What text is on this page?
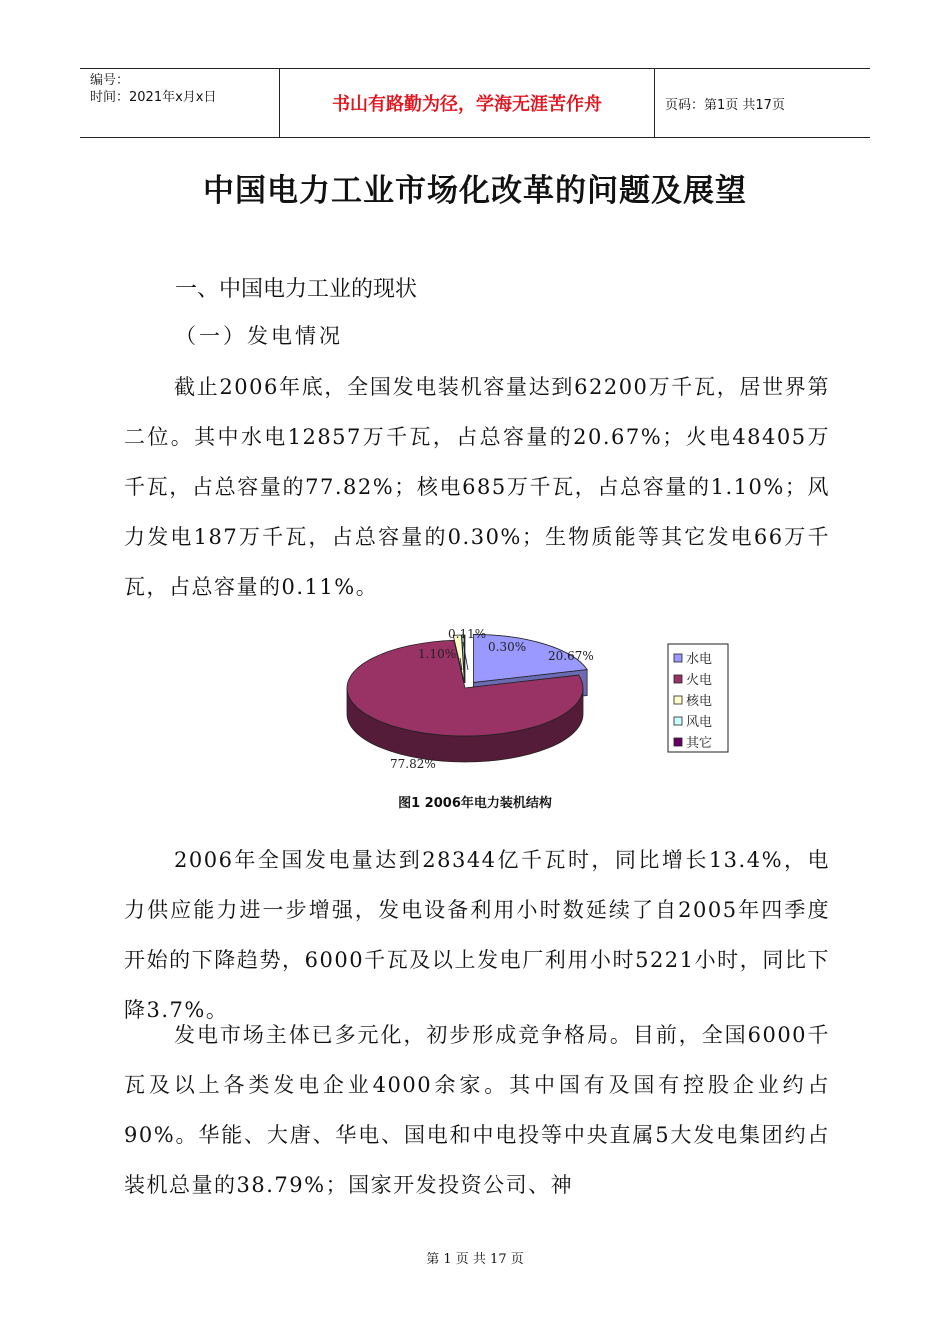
编号：
时间：2021年x月x日	书山有路勤为径，学海无涯苦作舟	页码：第1页 共17页
中国电力工业市场化改革的问题及展望
一、中国电力工业的现状
（一）发电情况

截止2006年底，全国发电装机容量达到62200万千瓦，居世界第二位。其中水电12857万千瓦，占总容量的20.67%；火电48405万千瓦，占总容量的77.82%；核电685万千瓦，占总容量的1.10%；风力发电187万千瓦，占总容量的0.30%；生物质能等其它发电66万千瓦，占总容量的0.11%。

20.67%
77.82%
1.10%	0.30%
0.11%
水电
火电
核电
风电
其它
图1 2006年电力装机结构

2006年全国发电量达到28344亿千瓦时，同比增长13.4%，电力供应能力进一步增强，发电设备利用小时数延续了自2005年四季度开始的下降趋势，6000千瓦及以上发电厂利用小时5221小时，同比下降3.7%。

发电市场主体已多元化，初步形成竞争格局。目前，全国6000千瓦及以上各类发电企业4000余家。其中国有及国有控股企业约占90%。华能、大唐、华电、国电和中电投等中央直属5大发电集团约占装机总量的38.79%；国家开发投资公司、神

第 1 页 共 17 页
